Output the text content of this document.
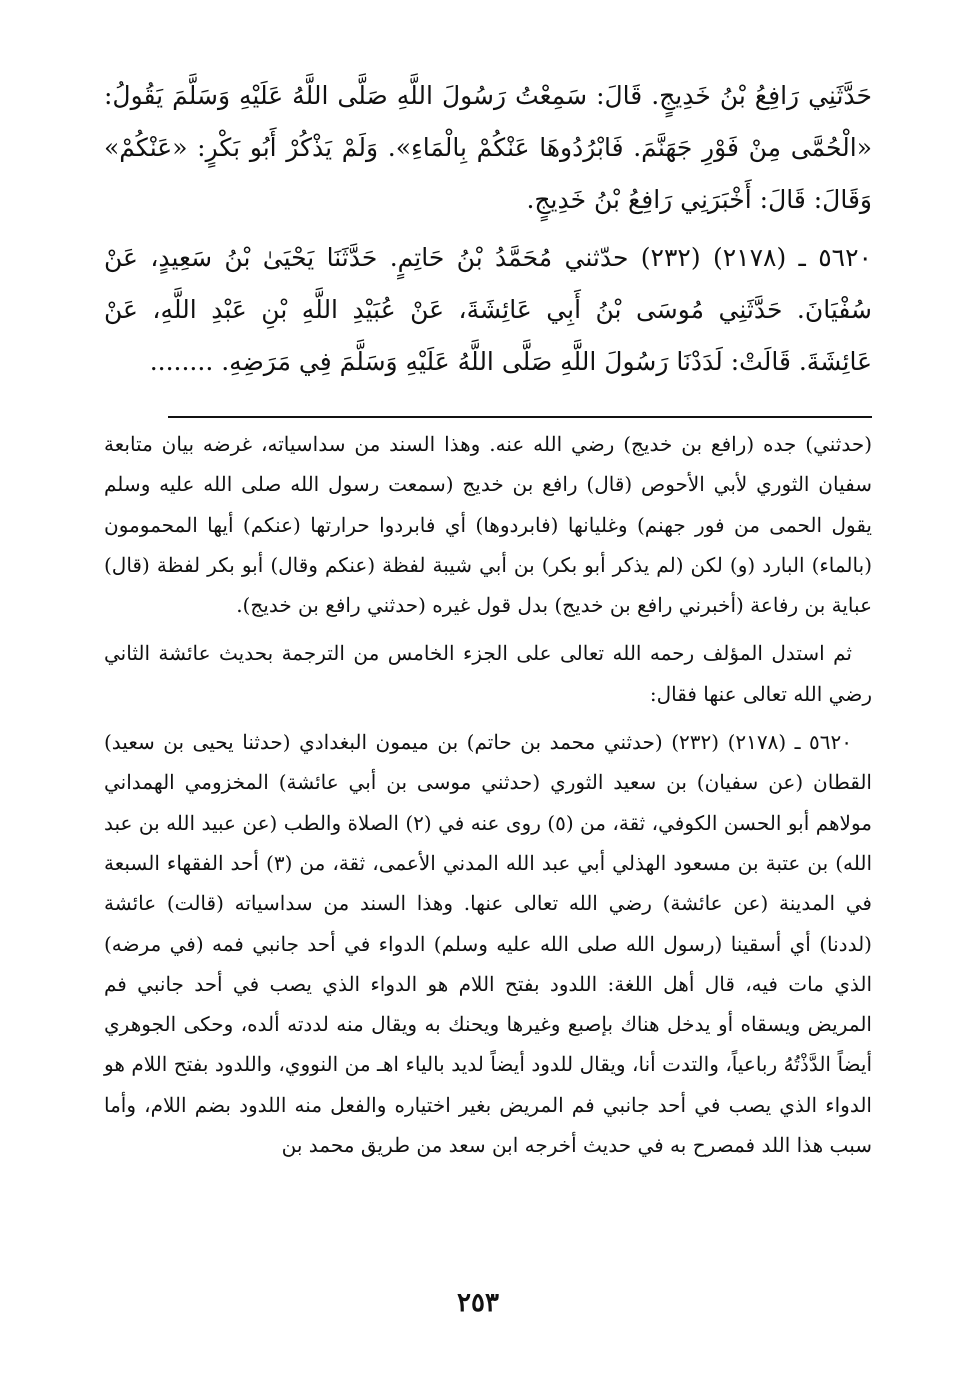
حَدَّثَنِي رَافِعُ بْنُ خَدِيجٍ. قَالَ: سَمِعْتُ رَسُولَ اللَّهِ صَلَّى اللَّهُ عَلَيْهِ وَسَلَّمَ يَقُولُ: «الْحُمَّى مِنْ فَوْرِ جَهَنَّمَ. فَابْرُدُوهَا عَنْكُمْ بِالْمَاءِ». وَلَمْ يَذْكُرْ أَبُو بَكْرٍ: «عَنْكُمْ» وَقَالَ: قَالَ: أَخْبَرَنِي رَافِعُ بْنُ خَدِيجٍ.

٥٦٢٠ ـ (٢١٧٨) (٢٣٢) حدّثني مُحَمَّدُ بْنُ حَاتِمٍ. حَدَّثَنَا يَحْيَىٰ بْنُ سَعِيدٍ، عَنْ سُفْيَانَ. حَدَّثَنِي مُوسَى بْنُ أَبِي عَائِشَةَ، عَنْ عُبَيْدِ اللَّهِ بْنِ عَبْدِ اللَّهِ، عَنْ عَائِشَةَ. قَالَتْ: لَدَدْنَا رَسُولَ اللَّهِ صَلَّى اللَّهُ عَلَيْهِ وَسَلَّمَ فِي مَرَضِهِ. ........

(حدثني) جده (رافع بن خديج) رضي الله عنه. وهذا السند من سداسياته، غرضه بيان متابعة سفيان الثوري لأبي الأحوص (قال) رافع بن خديج (سمعت رسول الله صلى الله عليه وسلم يقول الحمى من فور جهنم) وغليانها (فابردوها) أي فابردوا حرارتها (عنكم) أيها المحمومون (بالماء) البارد (و) لكن (لم يذكر أبو بكر) بن أبي شيبة لفظة (عنكم وقال) أبو بكر لفظة (قال) عباية بن رفاعة (أخبرني رافع بن خديج) بدل قول غيره (حدثني رافع بن خديج).

ثم استدل المؤلف رحمه الله تعالى على الجزء الخامس من الترجمة بحديث عائشة الثاني رضي الله تعالى عنها فقال:

٥٦٢٠ ـ (٢١٧٨) (٢٣٢) (حدثني محمد بن حاتم) بن ميمون البغدادي (حدثنا يحيى بن سعيد) القطان (عن سفيان) بن سعيد الثوري (حدثني موسى بن أبي عائشة) المخزومي الهمداني مولاهم أبو الحسن الكوفي، ثقة، من (٥) روى عنه في (٢) الصلاة والطب (عن عبيد الله بن عبد الله) بن عتبة بن مسعود الهذلي أبي عبد الله المدني الأعمى، ثقة، من (٣) أحد الفقهاء السبعة في المدينة (عن عائشة) رضي الله تعالى عنها. وهذا السند من سداسياته (قالت) عائشة (لددنا) أي أسقينا (رسول الله صلى الله عليه وسلم) الدواء في أحد جانبي فمه (في مرضه) الذي مات فيه، قال أهل اللغة: اللدود بفتح اللام هو الدواء الذي يصب في أحد جانبي فم المريض ويسقاه أو يدخل هناك بإصبع وغيرها ويحنك به ويقال منه لددته ألده، وحكى الجوهري أيضاً الدَّذْتُهُ رباعياً، والتدت أنا، ويقال للدود أيضاً لديد بالياء اهـ من النووي، واللدود بفتح اللام هو الدواء الذي يصب في أحد جانبي فم المريض بغير اختياره والفعل منه اللدود بضم اللام، وأما سبب هذا اللد فمصرح به في حديث أخرجه ابن سعد من طريق محمد بن

٢٥٣
